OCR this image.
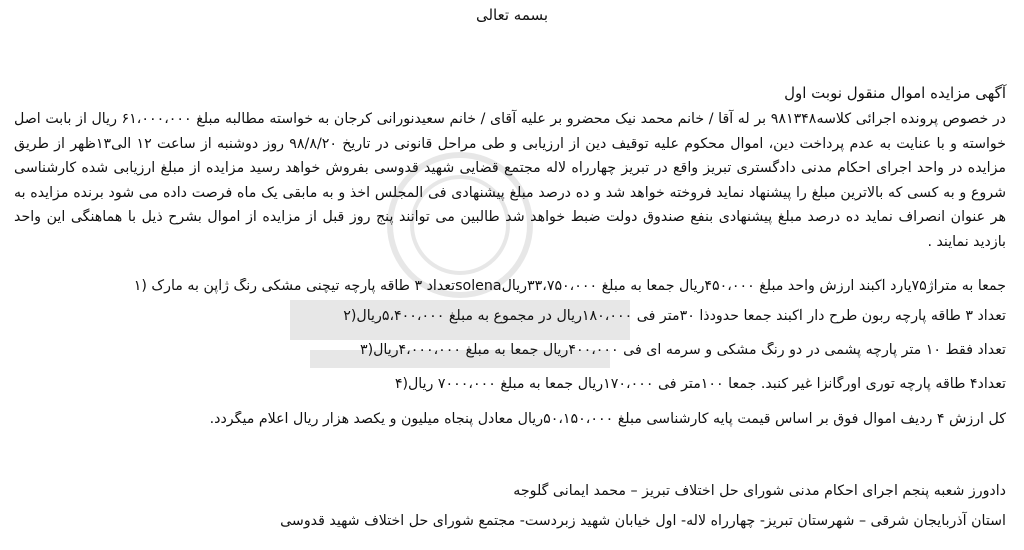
بسمه تعالی
آگهی مزایده اموال منقول نوبت اول

در خصوص پرونده اجرائی کلاسه۹۸۱۳۴۸ بر له آقا / خانم محمد نیک محضرو بر علیه آقای / خانم سعیدنورانی کرجان به خواسته مطالبه مبلغ ۶۱،۰۰۰،۰۰۰ ریال از بابت اصل خواسته و با عنایت به عدم پرداخت دین، اموال محکوم علیه توقیف دین از ارزیابی و طی مراحل قانونی در تاریخ ۹۸/۸/۲۰ روز دوشنبه از ساعت ۱۲ الی۱۳ظهر از طریق مزایده در واحد اجرای احکام مدنی دادگستری تبریز واقع در تبریز چهارراه لاله مجتمع قضایی شهید قدوسی بفروش خواهد رسید مزایده از مبلغ ارزیابی شده کارشناسی شروع و به کسی که بالاترین مبلغ را پیشنهاد نماید فروخته خواهد شد و ده درصد مبلغ پیشنهادی فی المجلس اخذ و به مابقی یک ماه فرصت داده می شود برنده مزایده به هر عنوان انصراف نماید ده درصد مبلغ پیشنهادی بنفع صندوق دولت ضبط خواهد شد طالبین می توانند پنج روز قبل از مزایده از اموال بشرح ذیل با هماهنگی این واحد بازدید نمایند .

جمعا به متراژ۷۵یارد آکبند ارزش واحد مبلغ ۴۵۰،۰۰۰ریال جمعا به مبلغ ۳۳،۷۵۰،۰۰۰ریالsolenaتعداد ۳ طاقه پارچه تیچنی مشکی رنگ ژاپن به مارک (۱
تعداد ۳ طاقه پارچه ربون طرح دار آکبند جمعا حدودذا ۳۰متر فی ۱۸۰،۰۰۰ریال در مجموع به مبلغ ۵،۴۰۰،۰۰۰ریال(۲
تعداد فقط ۱۰ متر پارچه پشمی در دو رنگ مشکی و سرمه ای فی ۴۰۰،۰۰۰ریال جمعا به مبلغ ۴،۰۰۰،۰۰۰ریال(۳
تعداد۴ طاقه پارچه توری اورگانزا غیر کنبد. جمعا ۱۰۰متر فی ۱۷۰،۰۰۰ریال جمعا به مبلغ ۷۰۰۰،۰۰۰ ریال(۴
کل ارزش ۴ ردیف اموال فوق بر اساس قیمت پایه کارشناسی مبلغ ۵۰،۱۵۰،۰۰۰ریال معادل پنجاه میلیون و یکصد هزار ریال اعلام میگردد.
دادورز شعبه پنجم اجرای احکام مدنی شورای حل اختلاف تبریز – محمد ایمانی گلوجه
استان آذربایجان شرقی – شهرستان تبریز- چهارراه لاله- اول خیابان شهید زبردست- مجتمع شورای حل اختلاف شهید قدوسی
